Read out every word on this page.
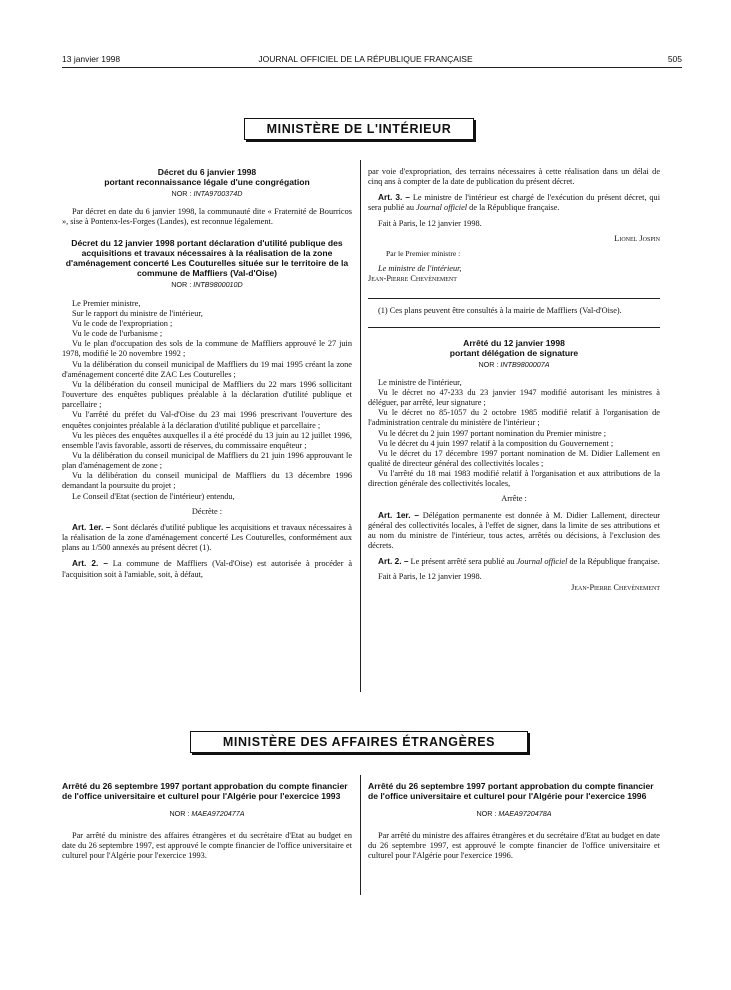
13 janvier 1998	JOURNAL OFFICIEL DE LA RÉPUBLIQUE FRANÇAISE	505
MINISTÈRE DE L'INTÉRIEUR
Décret du 6 janvier 1998
portant reconnaissance légale d'une congrégation
NOR : INTA9700374D

Par décret en date du 6 janvier 1998, la communauté dite « Fraternité de Bourricos », sise à Pontenx-les-Forges (Landes), est reconnue légalement.

Décret du 12 janvier 1998 portant déclaration d'utilité publique des acquisitions et travaux nécessaires à la réalisation de la zone d'aménagement concerté Les Couturelles située sur le territoire de la commune de Maffliers (Val-d'Oise)
NOR : INTB9800010D

Le Premier ministre,

Sur le rapport du ministre de l'intérieur,

Vu le code de l'expropriation ;

Vu le code de l'urbanisme ;

Vu le plan d'occupation des sols de la commune de Maffliers approuvé le 27 juin 1978, modifié le 20 novembre 1992 ;

Vu la délibération du conseil municipal de Maffliers du 19 mai 1995 créant la zone d'aménagement concerté dite ZAC Les Couturelles ;

Vu la délibération du conseil municipal de Maffliers du 22 mars 1996 sollicitant l'ouverture des enquêtes publiques préalable à la déclaration d'utilité publique et parcellaire ;

Vu l'arrêté du préfet du Val-d'Oise du 23 mai 1996 prescrivant l'ouverture des enquêtes conjointes préalable à la déclaration d'utilité publique et parcellaire ;

Vu les pièces des enquêtes auxquelles il a été procédé du 13 juin au 12 juillet 1996, ensemble l'avis favorable, assorti de réserves, du commissaire enquêteur ;

Vu la délibération du conseil municipal de Maffliers du 21 juin 1996 approuvant le plan d'aménagement de zone ;

Vu la délibération du conseil municipal de Maffliers du 13 décembre 1996 demandant la poursuite du projet ;

Le Conseil d'Etat (section de l'intérieur) entendu,

Décrète :

Art. 1er. – Sont déclarés d'utilité publique les acquisitions et travaux nécessaires à la réalisation de la zone d'aménagement concerté Les Couturelles, conformément aux plans au 1/500 annexés au présent décret (1).

Art. 2. – La commune de Maffliers (Val-d'Oise) est autorisée à procéder à l'acquisition soit à l'amiable, soit, à défaut,

par voie d'expropriation, des terrains nécessaires à cette réalisation dans un délai de cinq ans à compter de la date de publication du présent décret.

Art. 3. – Le ministre de l'intérieur est chargé de l'exécution du présent décret, qui sera publié au Journal officiel de la République française.

Fait à Paris, le 12 janvier 1998.

Lionel Jospin

Par le Premier ministre :

Le ministre de l'intérieur,

Jean-Pierre Chevènement

(1) Ces plans peuvent être consultés à la mairie de Maffliers (Val-d'Oise).

Arrêté du 12 janvier 1998
portant délégation de signature
NOR : INTB9800007A

Le ministre de l'intérieur,

Vu le décret no 47-233 du 23 janvier 1947 modifié autorisant les ministres à déléguer, par arrêté, leur signature ;

Vu le décret no 85-1057 du 2 octobre 1985 modifié relatif à l'organisation de l'administration centrale du ministère de l'intérieur ;

Vu le décret du 2 juin 1997 portant nomination du Premier ministre ;

Vu le décret du 4 juin 1997 relatif à la composition du Gouvernement ;

Vu le décret du 17 décembre 1997 portant nomination de M. Didier Lallement en qualité de directeur général des collectivités locales ;

Vu l'arrêté du 18 mai 1983 modifié relatif à l'organisation et aux attributions de la direction générale des collectivités locales,

Arrête :

Art. 1er. – Délégation permanente est donnée à M. Didier Lallement, directeur général des collectivités locales, à l'effet de signer, dans la limite de ses attributions et au nom du ministre de l'intérieur, tous actes, arrêtés ou décisions, à l'exclusion des décrets.

Art. 2. – Le présent arrêté sera publié au Journal officiel de la République française.

Fait à Paris, le 12 janvier 1998.

Jean-Pierre Chevènement

MINISTÈRE DES AFFAIRES ÉTRANGÈRES
Arrêté du 26 septembre 1997 portant approbation du compte financier de l'office universitaire et culturel pour l'Algérie pour l'exercice 1993
NOR : MAEA9720477A

Par arrêté du ministre des affaires étrangères et du secrétaire d'Etat au budget en date du 26 septembre 1997, est approuvé le compte financier de l'office universitaire et culturel pour l'Algérie pour l'exercice 1993.

Arrêté du 26 septembre 1997 portant approbation du compte financier de l'office universitaire et culturel pour l'Algérie pour l'exercice 1996
NOR : MAEA9720478A

Par arrêté du ministre des affaires étrangères et du secrétaire d'Etat au budget en date du 26 septembre 1997, est approuvé le compte financier de l'office universitaire et culturel pour l'Algérie pour l'exercice 1996.
